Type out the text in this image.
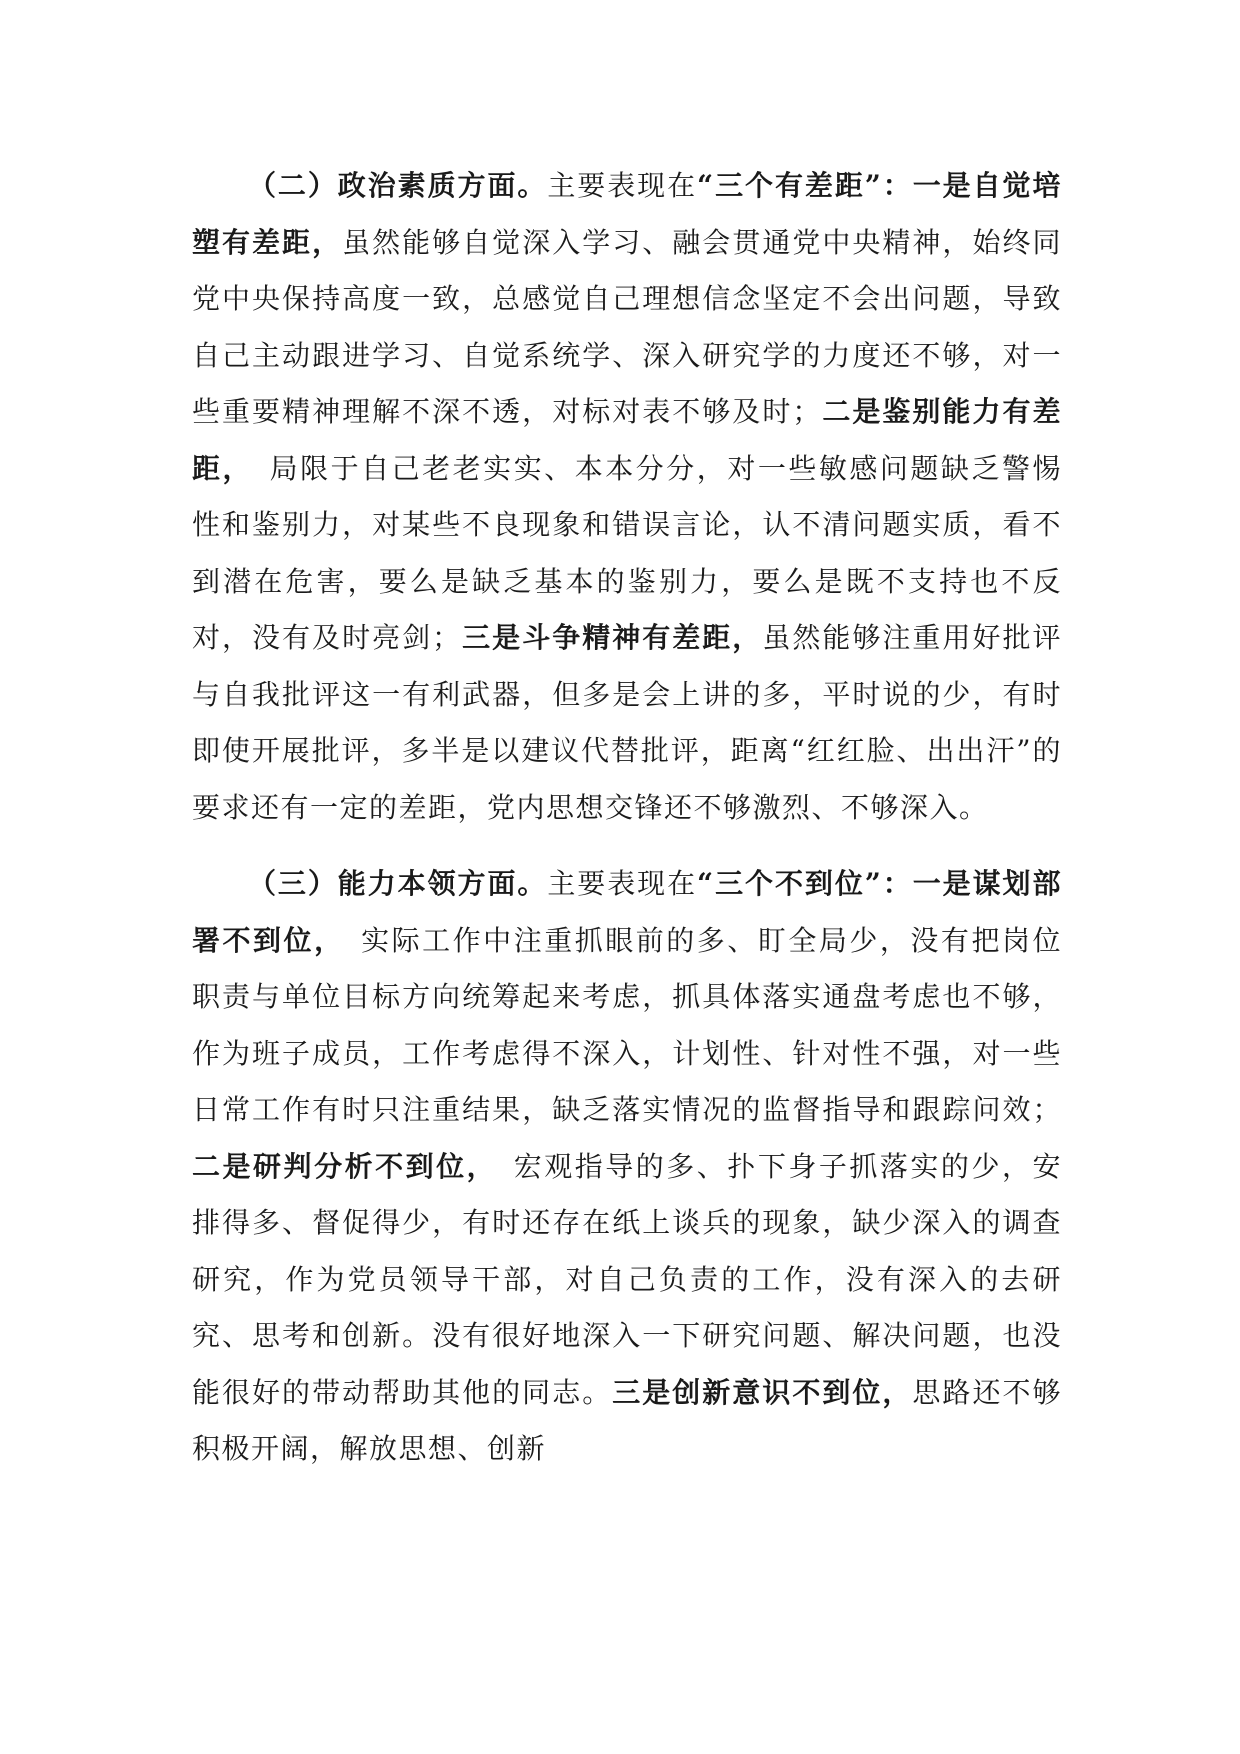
（二）政治素质方面。主要表现在“三个有差距”：一是自觉培塑有差距，虽然能够自觉深入学习、融会贯通党中央精神，始终同党中央保持高度一致，总感觉自己理想信念坚定不会出问题，导致自己主动跟进学习、自觉系统学、深入研究学的力度还不够，对一些重要精神理解不深不透，对标对表不够及时；二是鉴别能力有差距，　局限于自己老老实实、本本分分，对一些敏感问题缺乏警惕性和鉴别力，对某些不良现象和错误言论，认不清问题实质，看不到潜在危害，要么是缺乏基本的鉴别力，要么是既不支持也不反对，没有及时亮剑；三是斗争精神有差距，虽然能够注重用好批评与自我批评这一有利武器，但多是会上讲的多，平时说的少，有时即使开展批评，多半是以建议代替批评，距离“红红脸、出出汗”的要求还有一定的差距，党内思想交锋还不够激烈、不够深入。

（三）能力本领方面。主要表现在“三个不到位”：一是谋划部署不到位，　实际工作中注重抓眼前的多、盯全局少，没有把岗位职责与单位目标方向统筹起来考虑，抓具体落实通盘考虑也不够，作为班子成员，工作考虑得不深入，计划性、针对性不强，对一些日常工作有时只注重结果，缺乏落实情况的监督指导和跟踪问效；二是研判分析不到位，　宏观指导的多、扑下身子抓落实的少，安排得多、督促得少，有时还存在纸上谈兵的现象，缺少深入的调查研究，作为党员领导干部，对自己负责的工作，没有深入的去研究、思考和创新。没有很好地深入一下研究问题、解决问题，也没能很好的带动帮助其他的同志。三是创新意识不到位，思路还不够积极开阔，解放思想、创新
